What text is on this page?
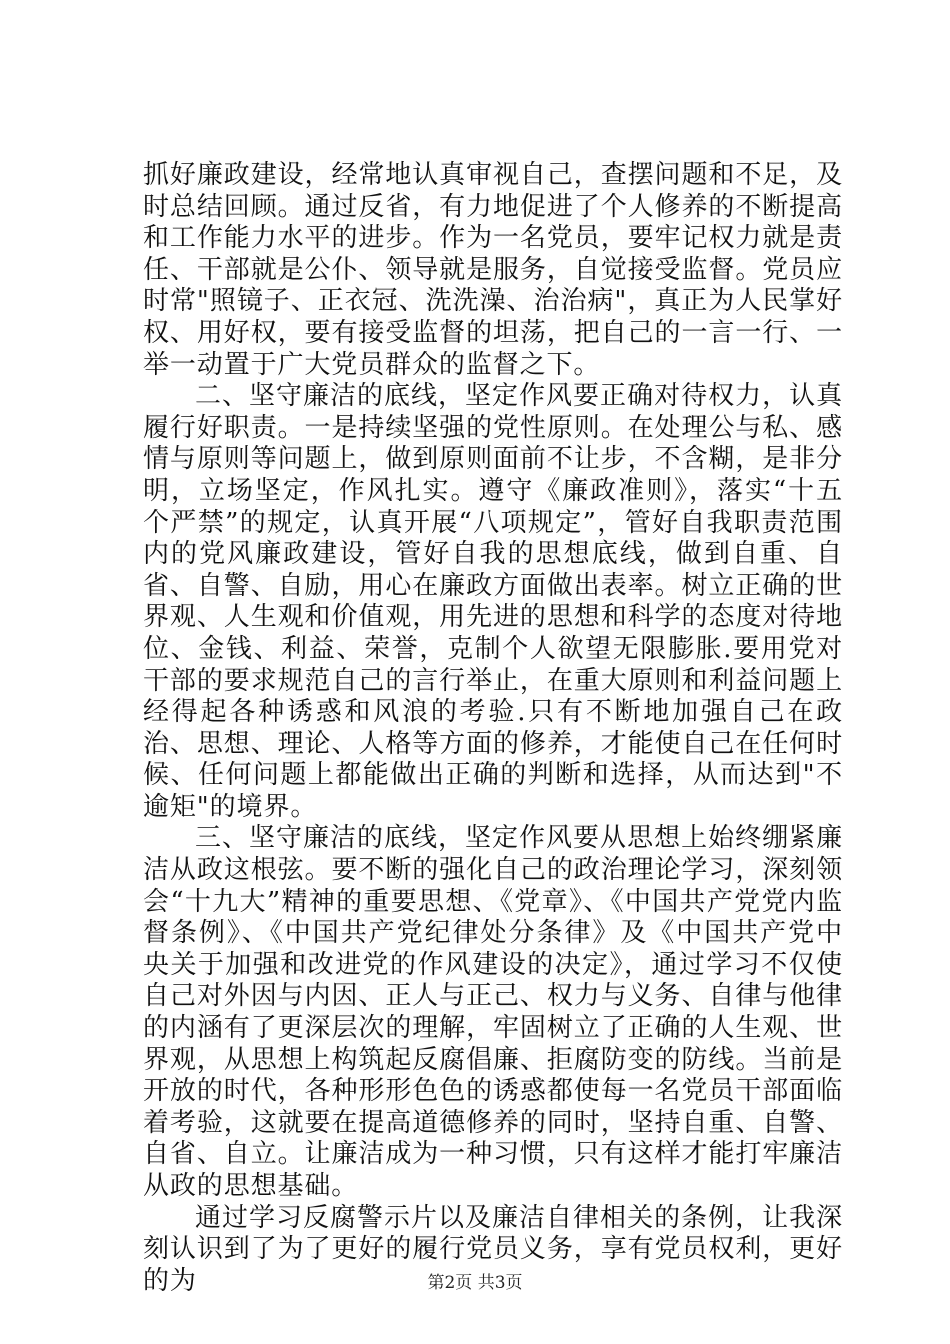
抓好廉政建设，经常地认真审视自己，查摆问题和不足，及时总结回顾。通过反省，有力地促进了个人修养的不断提高和工作能力水平的进步。作为一名党员，要牢记权力就是责任、干部就是公仆、领导就是服务，自觉接受监督。党员应时常"照镜子、正衣冠、洗洗澡、治治病"，真正为人民掌好权、用好权，要有接受监督的坦荡，把自己的一言一行、一举一动置于广大党员群众的监督之下。

二、坚守廉洁的底线，坚定作风要正确对待权力，认真履行好职责。一是持续坚强的党性原则。在处理公与私、感情与原则等问题上，做到原则面前不让步，不含糊，是非分明，立场坚定，作风扎实。遵守《廉政准则》，落实“十五个严禁”的规定，认真开展“八项规定”，管好自我职责范围内的党风廉政建设，管好自我的思想底线，做到自重、自省、自警、自励，用心在廉政方面做出表率。树立正确的世界观、人生观和价值观，用先进的思想和科学的态度对待地位、金钱、利益、荣誉，克制个人欲望无限膨胀.要用党对干部的要求规范自己的言行举止，在重大原则和利益问题上经得起各种诱惑和风浪的考验.只有不断地加强自己在政治、思想、理论、人格等方面的修养，才能使自己在任何时候、任何问题上都能做出正确的判断和选择，从而达到"不逾矩"的境界。

三、坚守廉洁的底线，坚定作风要从思想上始终绷紧廉洁从政这根弦。要不断的强化自己的政治理论学习，深刻领会“十九大”精神的重要思想、《党章》、《中国共产党党内监督条例》、《中国共产党纪律处分条律》及《中国共产党中央关于加强和改进党的作风建设的决定》，通过学习不仅使自己对外因与内因、正人与正己、权力与义务、自律与他律的内涵有了更深层次的理解，牢固树立了正确的人生观、世界观，从思想上构筑起反腐倡廉、拒腐防变的防线。当前是开放的时代，各种形形色色的诱惑都使每一名党员干部面临着考验，这就要在提高道德修养的同时，坚持自重、自警、自省、自立。让廉洁成为一种习惯，只有这样才能打牢廉洁从政的思想基础。

通过学习反腐警示片以及廉洁自律相关的条例，让我深刻认识到了为了更好的履行党员义务，享有党员权利，更好的为	第2页 共3页
